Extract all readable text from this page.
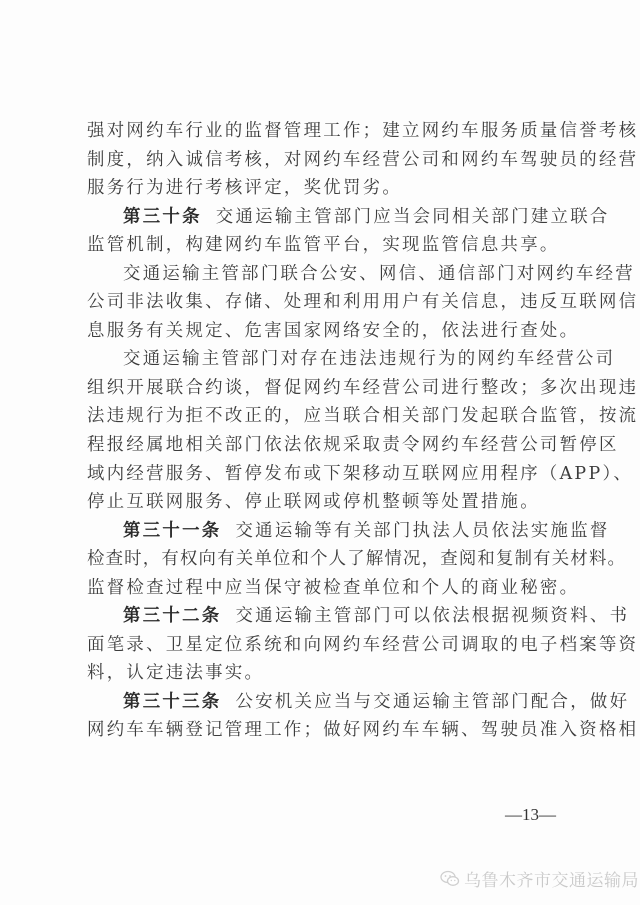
强对网约车行业的监督管理工作；建立网约车服务质量信誉考核
制度，纳入诚信考核，对网约车经营公司和网约车驾驶员的经营
服务行为进行考核评定，奖优罚劣。
第三十条 交通运输主管部门应当会同相关部门建立联合
监管机制，构建网约车监管平台，实现监管信息共享。
交通运输主管部门联合公安、网信、通信部门对网约车经营
公司非法收集、存储、处理和利用用户有关信息，违反互联网信
息服务有关规定、危害国家网络安全的，依法进行查处。
交通运输主管部门对存在违法违规行为的网约车经营公司
组织开展联合约谈，督促网约车经营公司进行整改；多次出现违
法违规行为拒不改正的，应当联合相关部门发起联合监管，按流
程报经属地相关部门依法依规采取责令网约车经营公司暂停区
域内经营服务、暂停发布或下架移动互联网应用程序（APP）、
停止互联网服务、停止联网或停机整顿等处置措施。
第三十一条 交通运输等有关部门执法人员依法实施监督
检查时，有权向有关单位和个人了解情况，查阅和复制有关材料。
监督检查过程中应当保守被检查单位和个人的商业秘密。
第三十二条 交通运输主管部门可以依法根据视频资料、书
面笔录、卫星定位系统和向网约车经营公司调取的电子档案等资
料，认定违法事实。
第三十三条 公安机关应当与交通运输主管部门配合，做好
网约车车辆登记管理工作；做好网约车车辆、驾驶员准入资格相
—13—
乌鲁木齐市交通运输局
